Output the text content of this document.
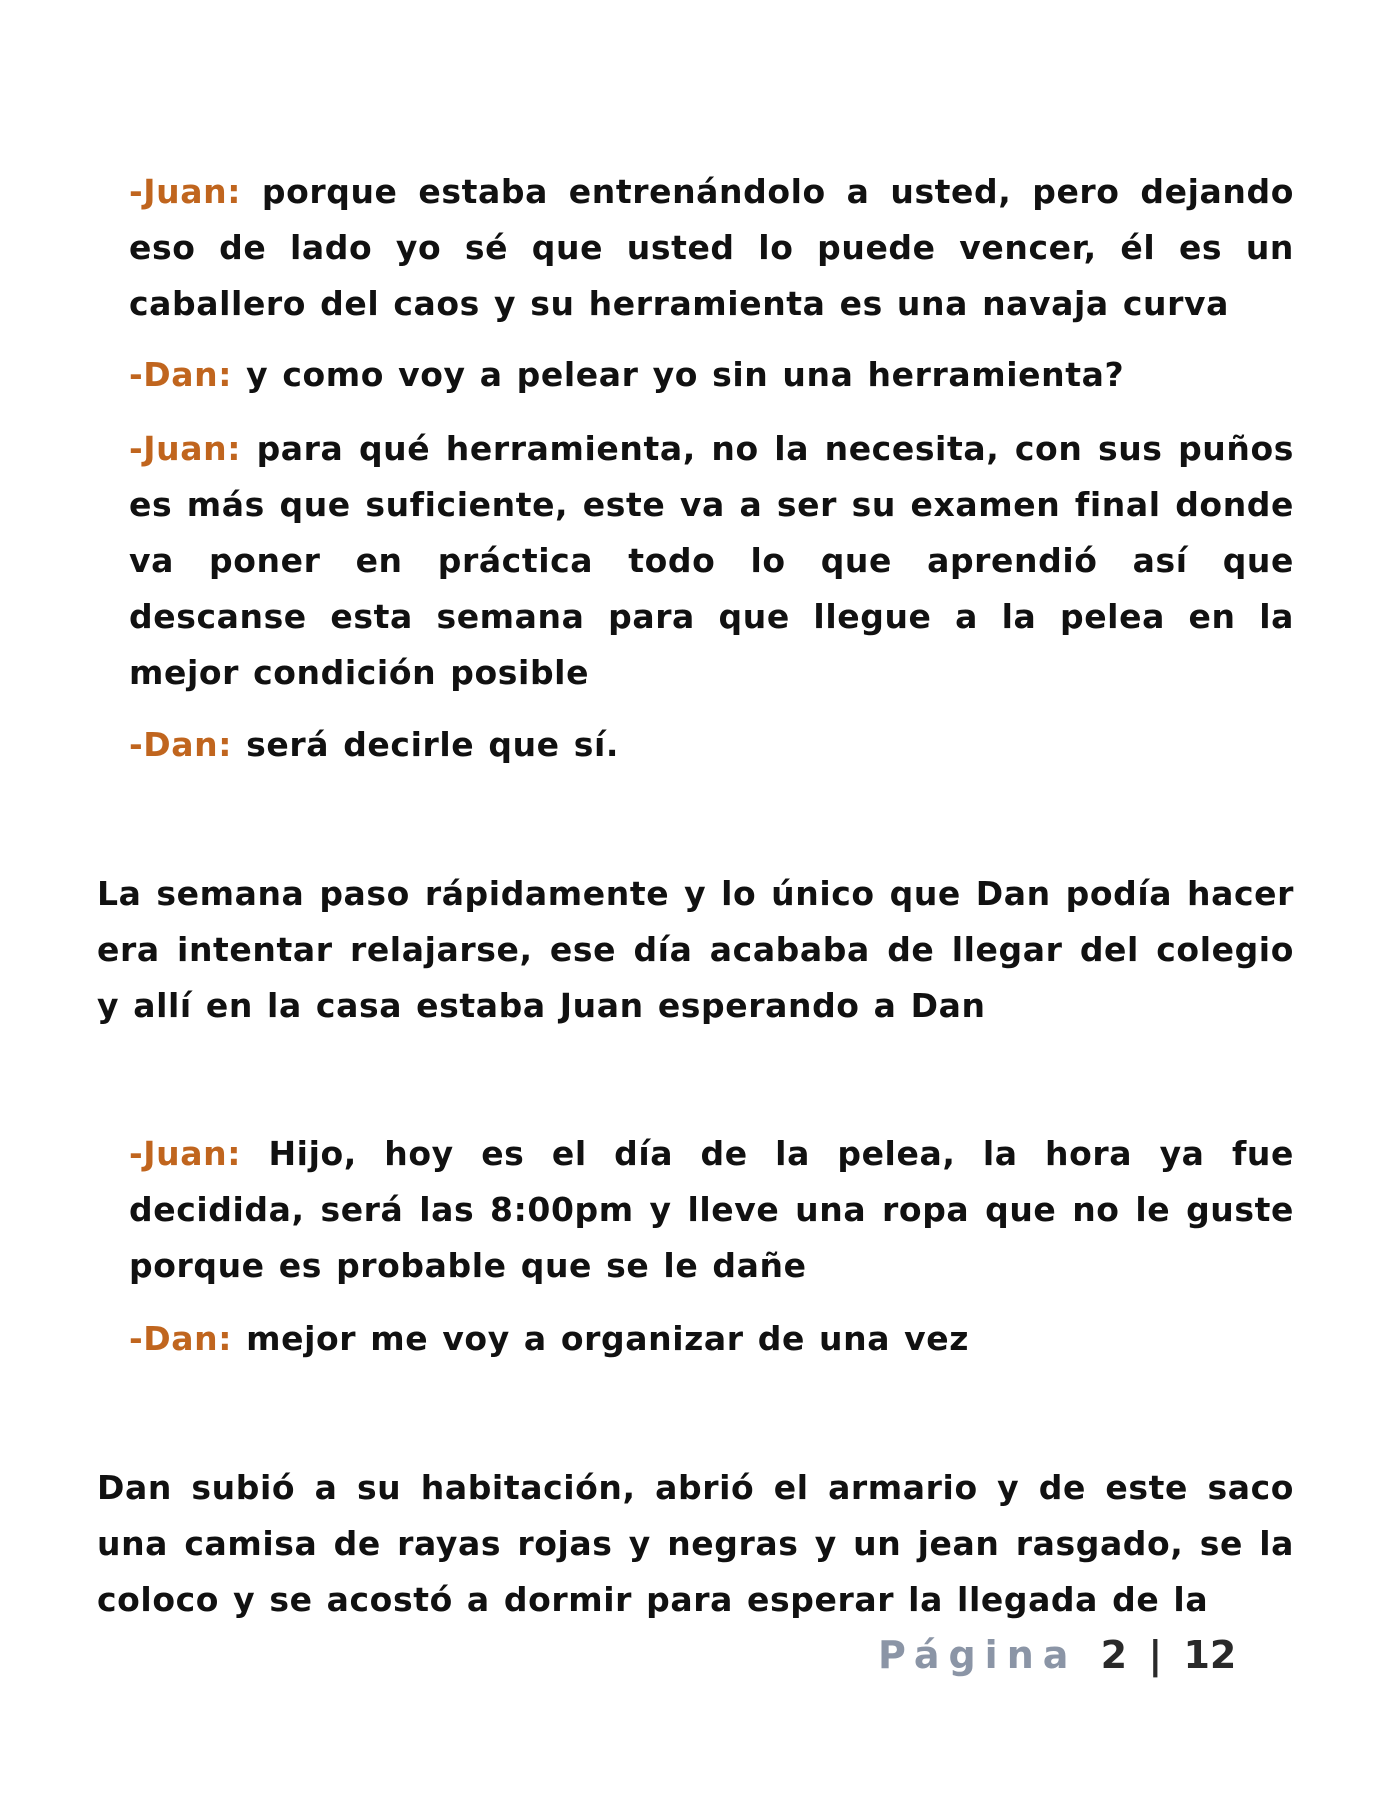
-Juan: porque estaba entrenándolo a usted, pero dejando eso de lado yo sé que usted lo puede vencer, él es un caballero del caos y su herramienta es una navaja curva
-Dan: y como voy a pelear yo sin una herramienta?
-Juan: para qué herramienta, no la necesita, con sus puños es más que suficiente, este va a ser su examen final donde va poner en práctica todo lo que aprendió así que descanse esta semana para que llegue a la pelea en la mejor condición posible
-Dan: será decirle que sí.
La semana paso rápidamente y lo único que Dan podía hacer era intentar relajarse, ese día acababa de llegar del colegio y allí en la casa estaba Juan esperando a Dan
-Juan: Hijo, hoy es el día de la pelea, la hora ya fue decidida, será las 8:00pm y lleve una ropa que no le guste porque es probable que se le dañe
-Dan: mejor me voy a organizar de una vez
Dan subió a su habitación, abrió el armario y de este saco una camisa de rayas rojas y negras y un jean rasgado, se la coloco y se acostó a dormir para esperar la llegada de la
Página 2 | 12
